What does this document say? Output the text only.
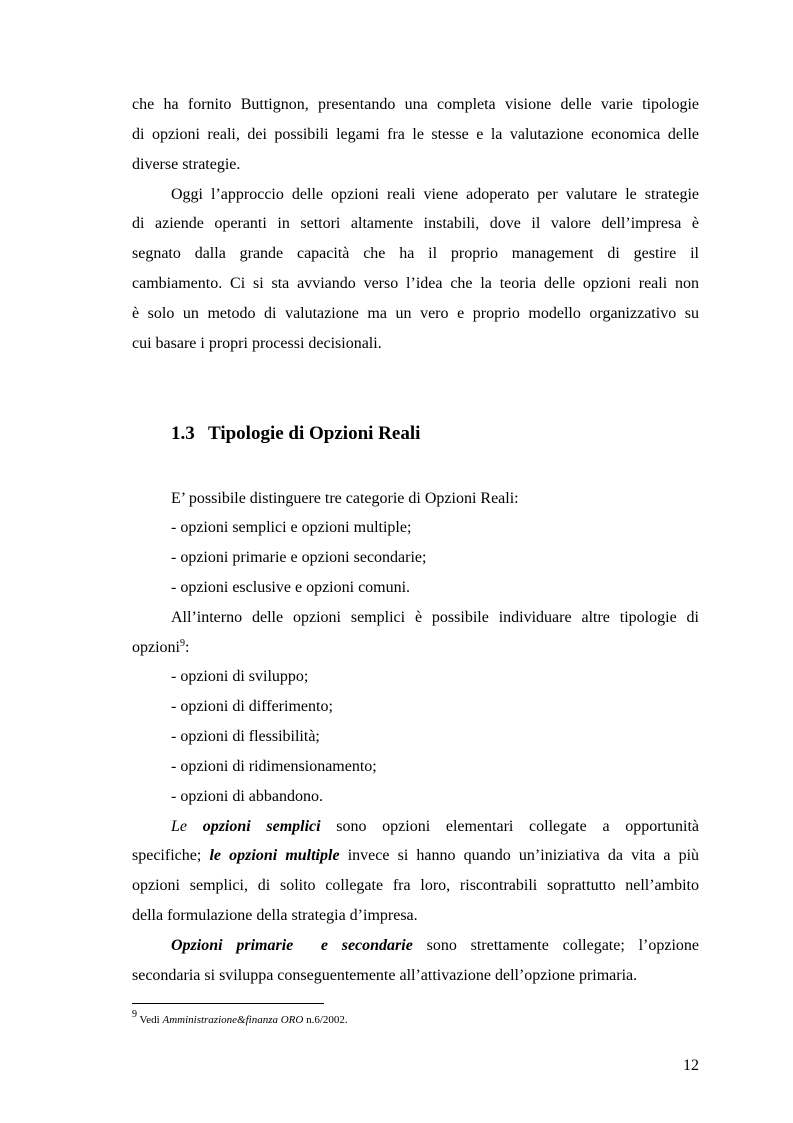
che ha fornito Buttignon, presentando una completa visione delle varie tipologie
di opzioni reali, dei possibili legami fra le stesse e la valutazione economica delle
diverse strategie.
Oggi l’approccio delle opzioni reali viene adoperato per valutare le strategie
di aziende operanti in settori altamente instabili, dove il valore dell’impresa è
segnato dalla grande capacità che ha il proprio management di gestire il
cambiamento. Ci si sta avviando verso l’idea che la teoria delle opzioni reali non
è solo un metodo di valutazione ma un vero e proprio modello organizzativo su
cui basare i propri processi decisionali.
1.3 Tipologie di Opzioni Reali
E’ possibile distinguere tre categorie di Opzioni Reali:
- opzioni semplici e opzioni multiple;
- opzioni primarie e opzioni secondarie;
- opzioni esclusive e opzioni comuni.
All’interno delle opzioni semplici è possibile individuare altre tipologie di
opzioni$^9$:
- opzioni di sviluppo;
- opzioni di differimento;
- opzioni di flessibilità;
- opzioni di ridimensionamento;
- opzioni di abbandono.
Le opzioni semplici sono opzioni elementari collegate a opportunità
specifiche; le opzioni multiple invece si hanno quando un’iniziativa da vita a più
opzioni semplici, di solito collegate fra loro, riscontrabili soprattutto nell’ambito
della formulazione della strategia d’impresa.
Opzioni primarie e secondarie sono strettamente collegate; l’opzione
secondaria si sviluppa conseguentemente all’attivazione dell’opzione primaria.
$^9$ Vedi Amministrazione&finanza ORO n.6/2002.
12
